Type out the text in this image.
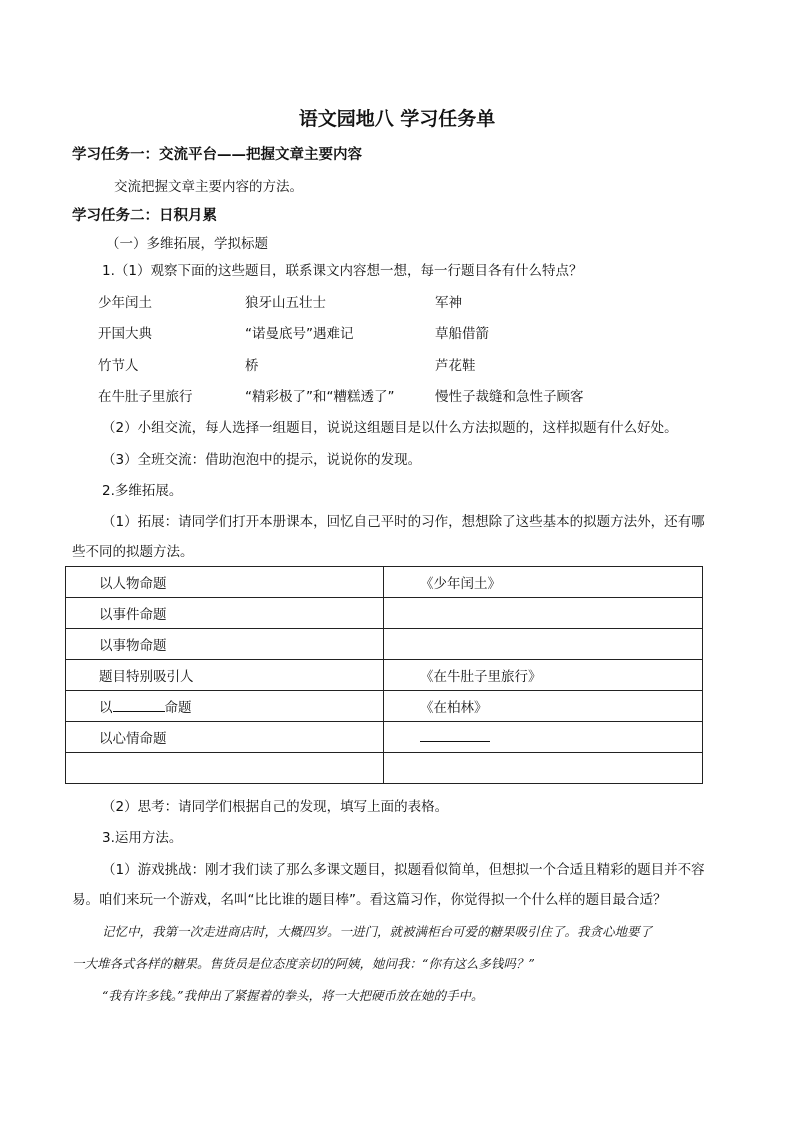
语文园地八 学习任务单
学习任务一：交流平台——把握文章主要内容
交流把握文章主要内容的方法。
学习任务二：日积月累
（一）多维拓展，学拟标题
1.（1）观察下面的这些题目，联系课文内容想一想，每一行题目各有什么特点？
少年闰土	狼牙山五壮士	军神
开国大典	“诺曼底号”遇难记	草船借箭
竹节人	桥	芦花鞋
在牛肚子里旅行	“精彩极了”和“糟糕透了”	慢性子裁缝和急性子顾客
（2）小组交流，每人选择一组题目，说说这组题目是以什么方法拟题的，这样拟题有什么好处。
（3）全班交流：借助泡泡中的提示，说说你的发现。
2.多维拓展。
（1）拓展：请同学们打开本册课本，回忆自己平时的习作，想想除了这些基本的拟题方法外，还有哪
些不同的拟题方法。
以人物命题	《少年闰土》
以事件命题	
以事物命题	
题目特别吸引人	《在牛肚子里旅行》
以 命题	《在柏林》
以心情命题	

（2）思考：请同学们根据自己的发现，填写上面的表格。
3.运用方法。
（1）游戏挑战：刚才我们读了那么多课文题目，拟题看似简单，但想拟一个合适且精彩的题目并不容
易。咱们来玩一个游戏，名叫“比比谁的题目棒”。看这篇习作，你觉得拟一个什么样的题目最合适？
记忆中，我第一次走进商店时，大概四岁。一进门，就被满柜台可爱的糖果吸引住了。我贪心地要了
一大堆各式各样的糖果。售货员是位态度亲切的阿姨，她问我：“你有这么多钱吗？”
“我有许多钱。”我伸出了紧握着的拳头，将一大把硬币放在她的手中。
